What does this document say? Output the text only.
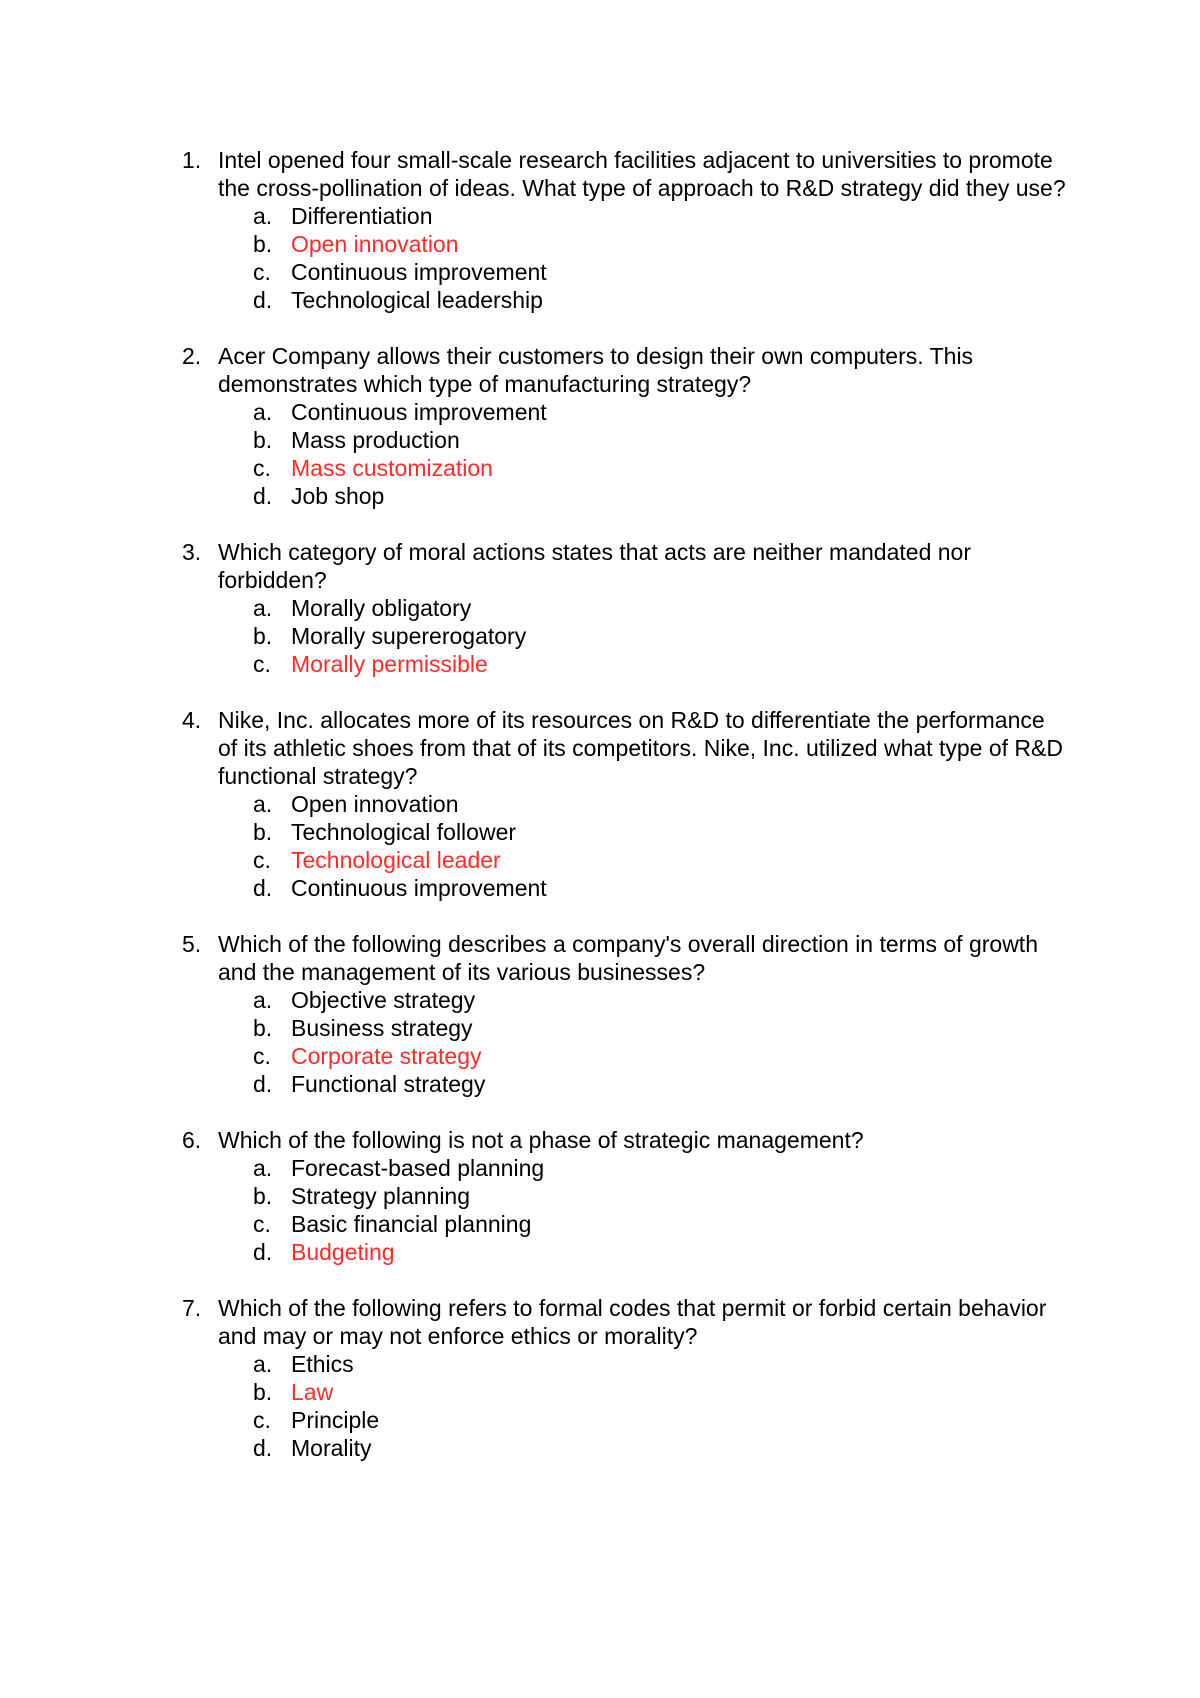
1. Intel opened four small-scale research facilities adjacent to universities to promote the cross-pollination of ideas. What type of approach to R&D strategy did they use?
a. Differentiation
b. Open innovation
c. Continuous improvement
d. Technological leadership
2. Acer Company allows their customers to design their own computers. This demonstrates which type of manufacturing strategy?
a. Continuous improvement
b. Mass production
c. Mass customization
d. Job shop
3. Which category of moral actions states that acts are neither mandated nor forbidden?
a. Morally obligatory
b. Morally supererogatory
c. Morally permissible
4. Nike, Inc. allocates more of its resources on R&D to differentiate the performance of its athletic shoes from that of its competitors. Nike, Inc. utilized what type of R&D functional strategy?
a. Open innovation
b. Technological follower
c. Technological leader
d. Continuous improvement
5. Which of the following describes a company's overall direction in terms of growth and the management of its various businesses?
a. Objective strategy
b. Business strategy
c. Corporate strategy
d. Functional strategy
6. Which of the following is not a phase of strategic management?
a. Forecast-based planning
b. Strategy planning
c. Basic financial planning
d. Budgeting
7. Which of the following refers to formal codes that permit or forbid certain behavior and may or may not enforce ethics or morality?
a. Ethics
b. Law
c. Principle
d. Morality
